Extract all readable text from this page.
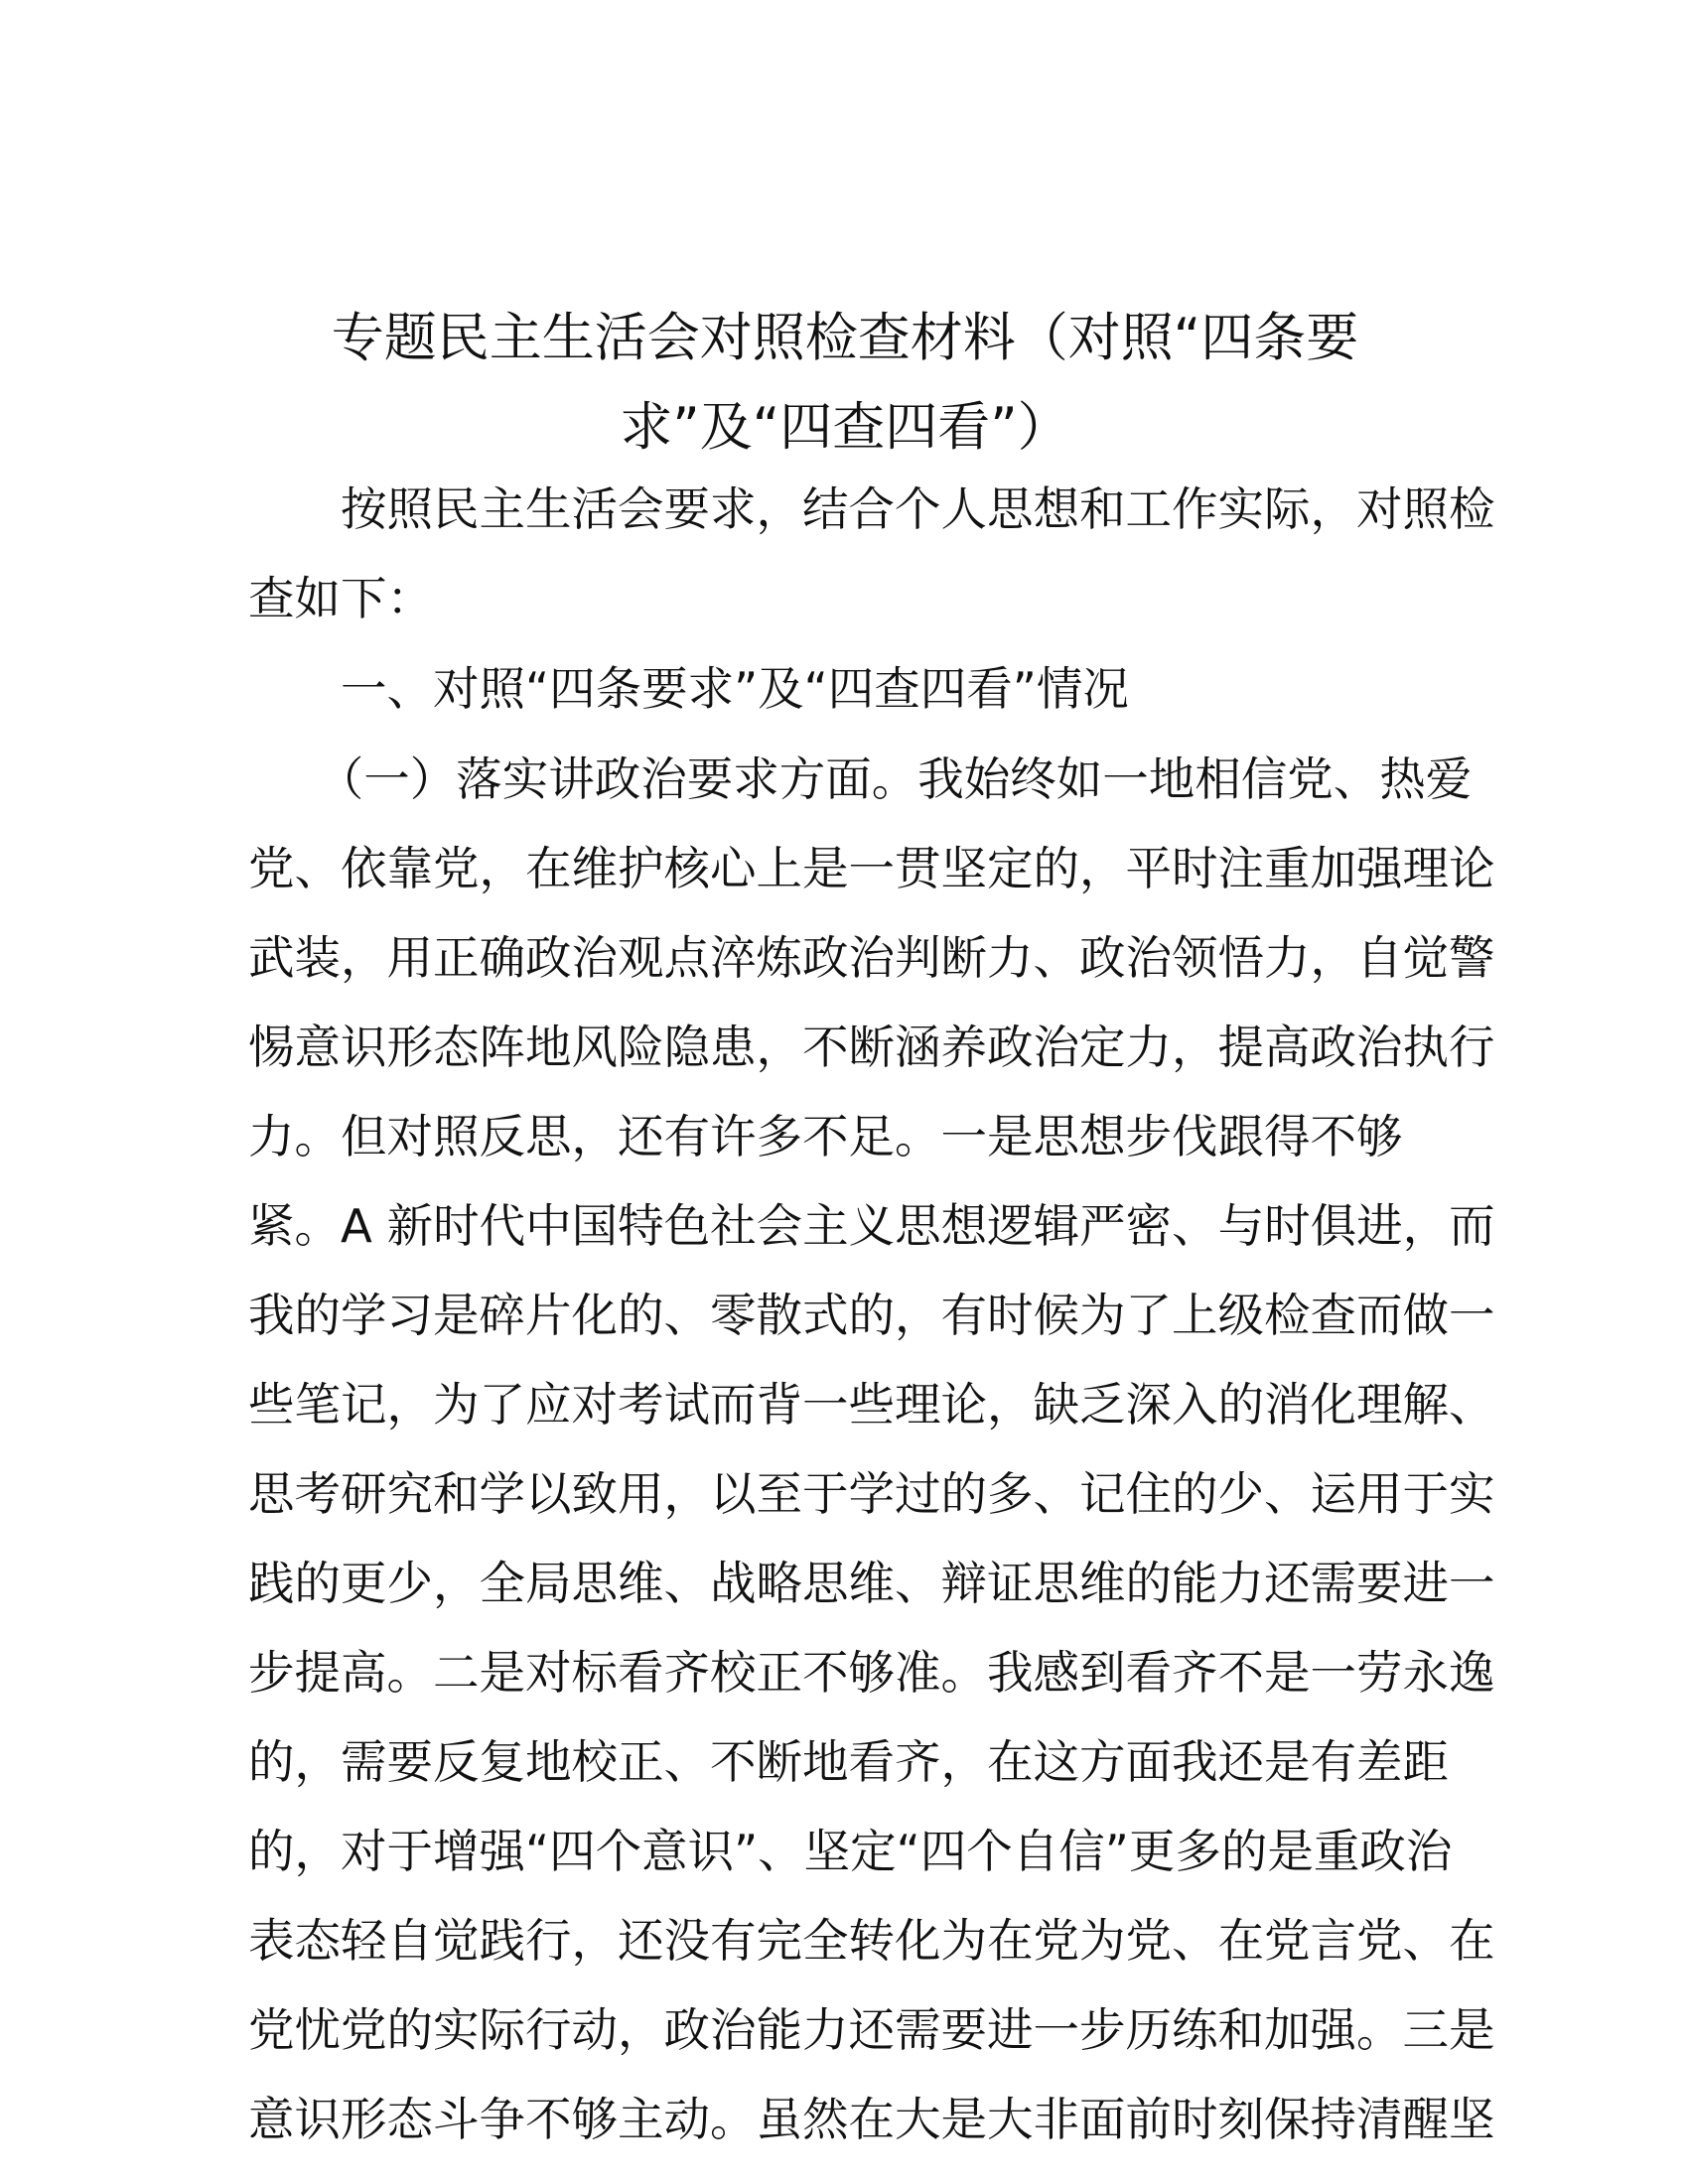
专题民主生活会对照检查材料（对照“四条要
求”及“四查四看”）

　　按照民主生活会要求，结合个人思想和工作实际，对照检
查如下：

　　一、对照“四条要求”及“四查四看”情况

　　（一）落实讲政治要求方面。我始终如一地相信党、热爱
党、依靠党，在维护核心上是一贯坚定的，平时注重加强理论
武装，用正确政治观点淬炼政治判断力、政治领悟力，自觉警
惕意识形态阵地风险隐患，不断涵养政治定力，提高政治执行
力。但对照反思，还有许多不足。一是思想步伐跟得不够
紧。A 新时代中国特色社会主义思想逻辑严密、与时俱进，而
我的学习是碎片化的、零散式的，有时候为了上级检查而做一
些笔记，为了应对考试而背一些理论，缺乏深入的消化理解、
思考研究和学以致用，以至于学过的多、记住的少、运用于实
践的更少，全局思维、战略思维、辩证思维的能力还需要进一
步提高。二是对标看齐校正不够准。我感到看齐不是一劳永逸
的，需要反复地校正、不断地看齐，在这方面我还是有差距
的，对于增强“四个意识”、坚定“四个自信”更多的是重政治
表态轻自觉践行，还没有完全转化为在党为党、在党言党、在
党忧党的实际行动，政治能力还需要进一步历练和加强。三是
意识形态斗争不够主动。虽然在大是大非面前时刻保持清醒坚
